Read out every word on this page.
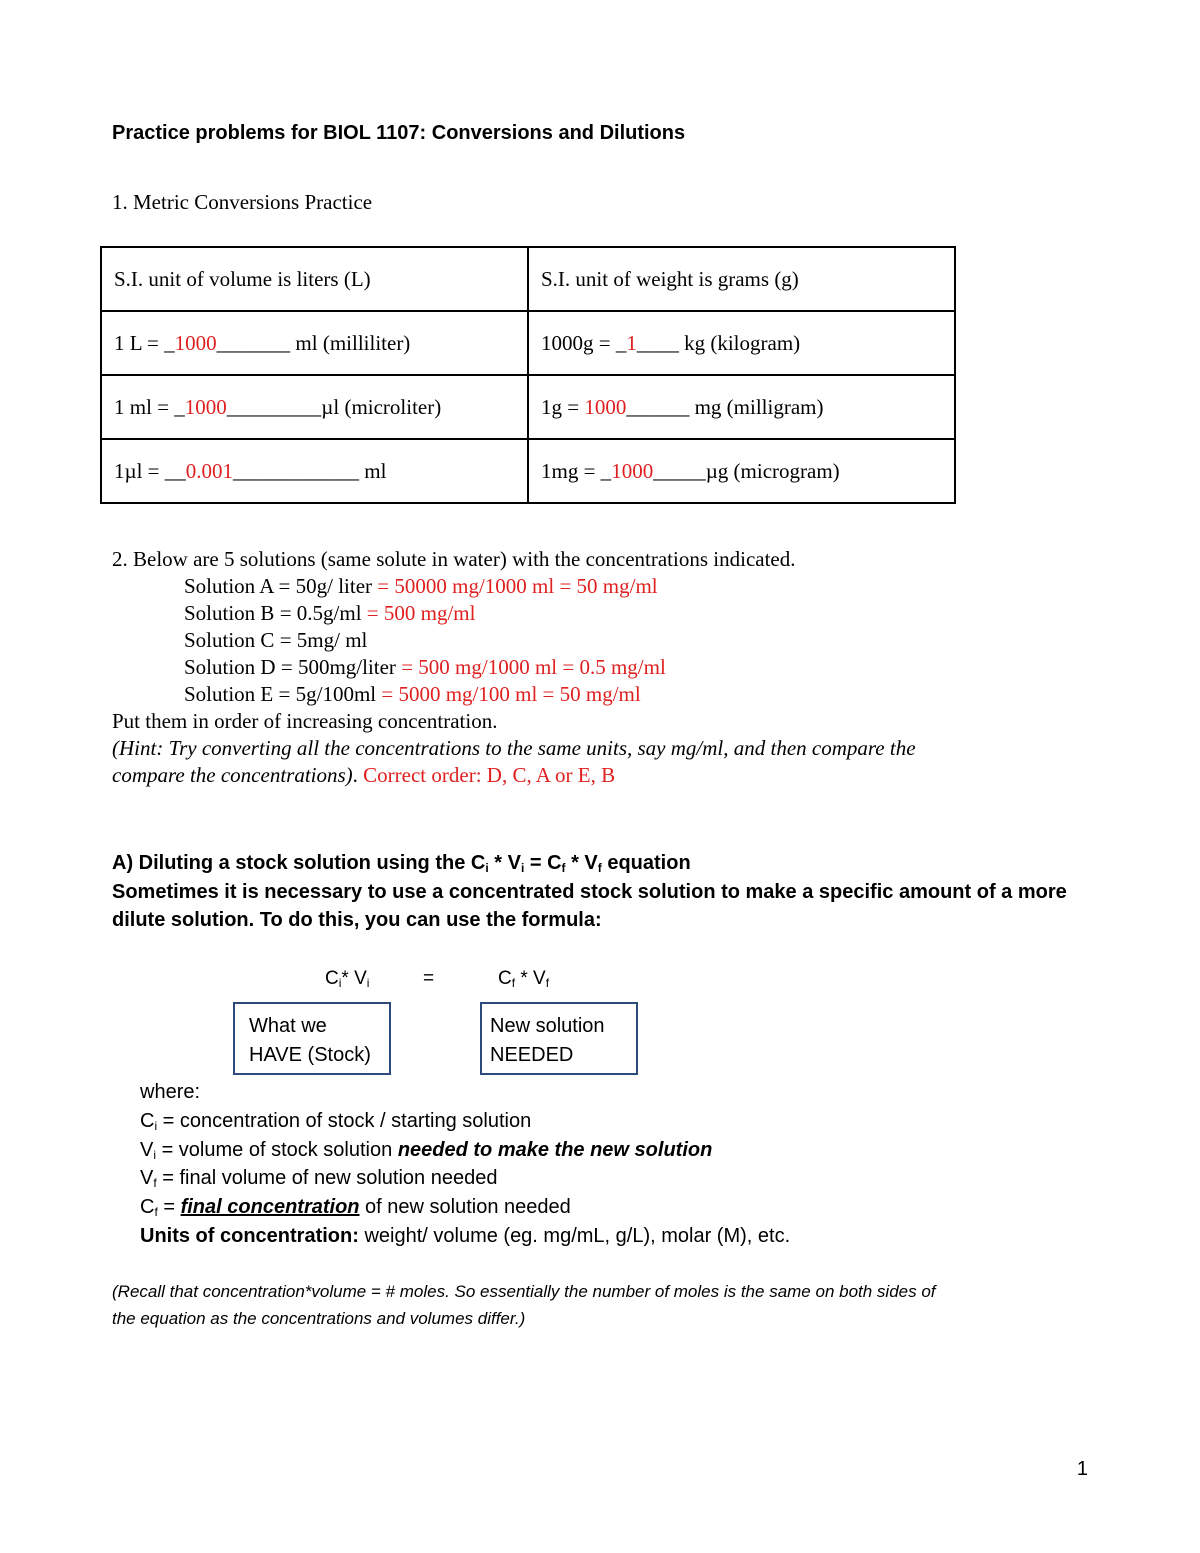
Practice problems for BIOL 1107: Conversions and Dilutions
1. Metric Conversions Practice
S.I. unit of volume is liters (L)	S.I. unit of weight is grams (g)
1 L = _1000_______ ml (milliliter)	1000g = _1____ kg (kilogram)
1 ml = _1000_________µl (microliter)	1g = 1000______ mg (milligram)
1µl = __0.001____________ ml	1mg = _1000_____µg (microgram)
2. Below are 5 solutions (same solute in water) with the concentrations indicated.
Solution A = 50g/ liter = 50000 mg/1000 ml = 50 mg/ml
Solution B = 0.5g/ml = 500 mg/ml
Solution C = 5mg/ ml
Solution D = 500mg/liter = 500 mg/1000 ml = 0.5 mg/ml
Solution E = 5g/100ml = 5000 mg/100 ml = 50 mg/ml
Put them in order of increasing concentration.
(Hint: Try converting all the concentrations to the same units, say mg/ml, and then compare the
compare the concentrations). Correct order: D, C, A or E, B
A) Diluting a stock solution using the $C_i * V_i = C_f * V_f$ equation
Sometimes it is necessary to use a concentrated stock solution to make a specific amount of a more
dilute solution. To do this, you can use the formula:
$C_i*$ $V_i$	=	$C_f * V_f$
What we
HAVE (Stock)
New solution
NEEDED
where:
$C_i$ = concentration of stock / starting solution
$V_i$ = volume of stock solution needed to make the new solution
$V_f$ = final volume of new solution needed
$C_f$ = final concentration of new solution needed
Units of concentration: weight/ volume (eg. mg/mL, g/L), molar (M), etc.
(Recall that concentration*volume = # moles. So essentially the number of moles is the same on both sides of
the equation as the concentrations and volumes differ.)
1
